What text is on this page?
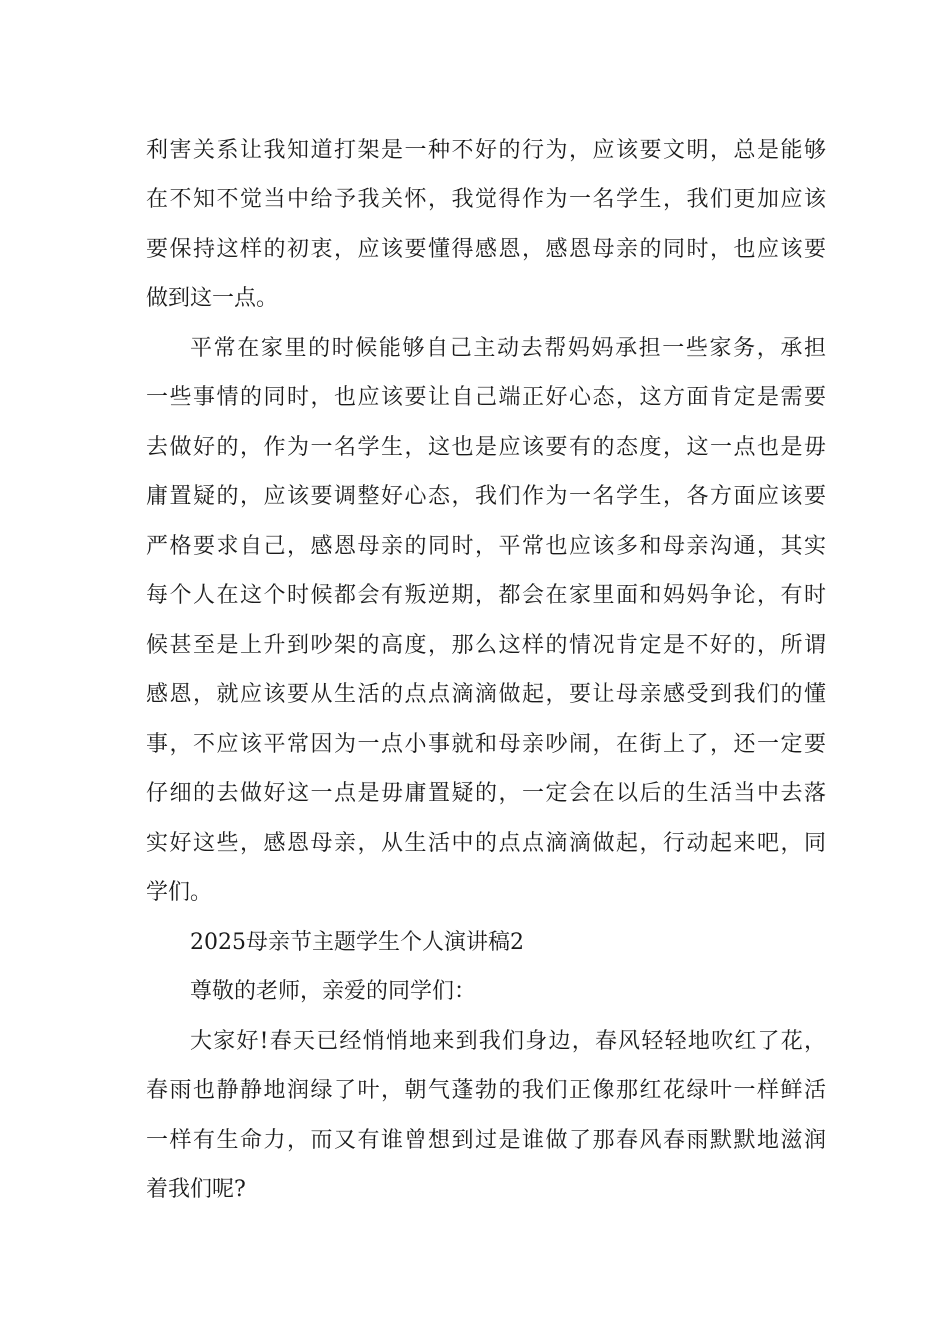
利害关系让我知道打架是一种不好的行为，应该要文明，总是能够
在不知不觉当中给予我关怀，我觉得作为一名学生，我们更加应该
要保持这样的初衷，应该要懂得感恩，感恩母亲的同时，也应该要
做到这一点。
平常在家里的时候能够自己主动去帮妈妈承担一些家务，承担
一些事情的同时，也应该要让自己端正好心态，这方面肯定是需要
去做好的，作为一名学生，这也是应该要有的态度，这一点也是毋
庸置疑的，应该要调整好心态，我们作为一名学生，各方面应该要
严格要求自己，感恩母亲的同时，平常也应该多和母亲沟通，其实
每个人在这个时候都会有叛逆期，都会在家里面和妈妈争论，有时
候甚至是上升到吵架的高度，那么这样的情况肯定是不好的，所谓
感恩，就应该要从生活的点点滴滴做起，要让母亲感受到我们的懂
事，不应该平常因为一点小事就和母亲吵闹，在街上了，还一定要
仔细的去做好这一点是毋庸置疑的，一定会在以后的生活当中去落
实好这些，感恩母亲，从生活中的点点滴滴做起，行动起来吧，同
学们。
2025母亲节主题学生个人演讲稿2
尊敬的老师，亲爱的同学们：
大家好!春天已经悄悄地来到我们身边，春风轻轻地吹红了花，
春雨也静静地润绿了叶，朝气蓬勃的我们正像那红花绿叶一样鲜活
一样有生命力，而又有谁曾想到过是谁做了那春风春雨默默地滋润
着我们呢?
